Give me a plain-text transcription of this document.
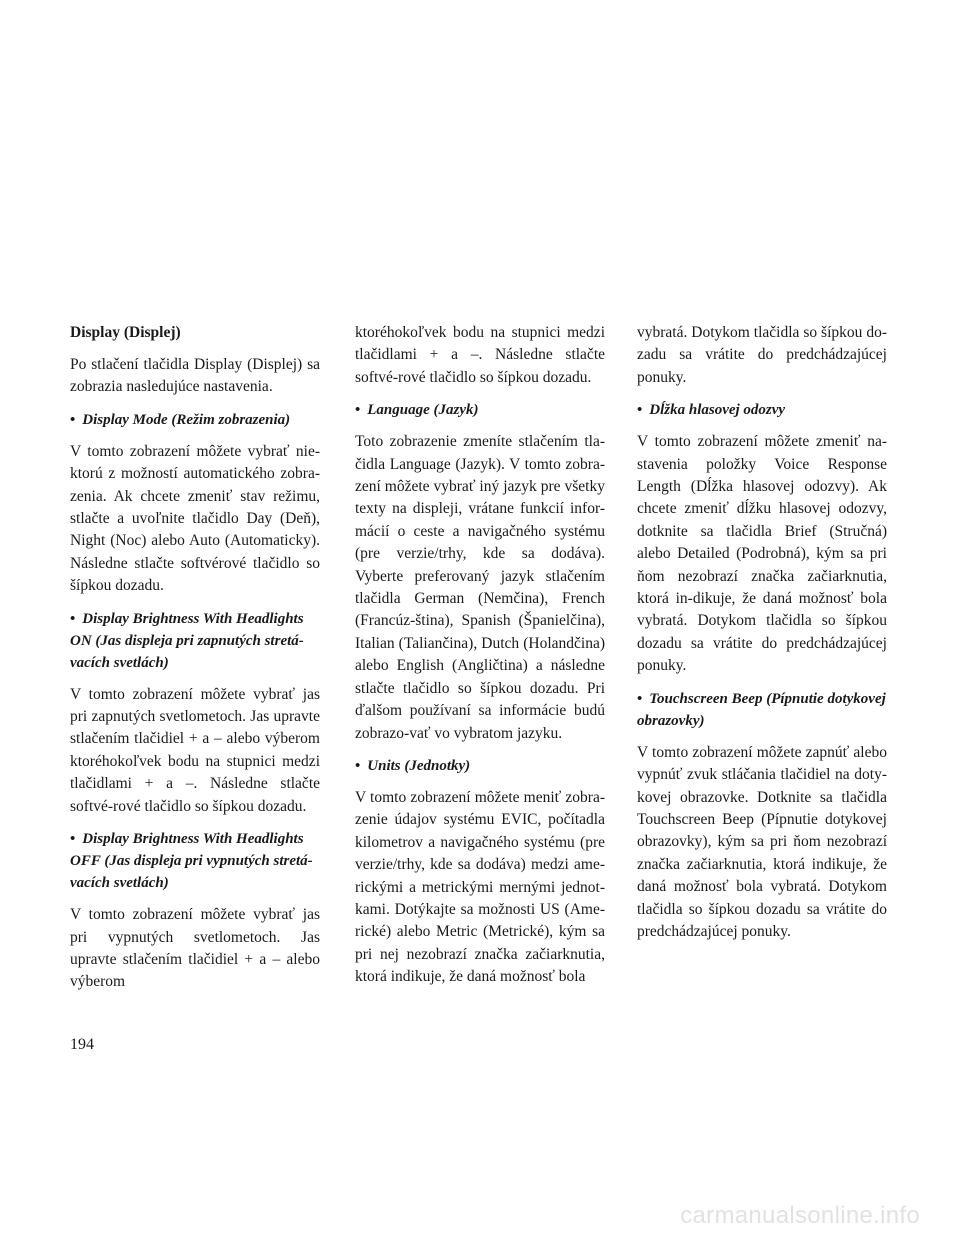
Display (Displej)

Po stlačení tlačidla Display (Displej) sa zobrazia nasledujúce nastavenia.

• Display Mode (Režim zobrazenia)

V tomto zobrazení môžete vybrať nie-ktorú z možností automatického zobra-zenia. Ak chcete zmeniť stav režimu, stlačte a uvoľnite tlačidlo Day (Deň), Night (Noc) alebo Auto (Automaticky). Následne stlačte softvérové tlačidlo so šípkou dozadu.

• Display Brightness With Headlights ON (Jas displeja pri zapnutých stretá-vacích svetlách)

V tomto zobrazení môžete vybrať jas pri zapnutých svetlometoch. Jas upravte stlačením tlačidiel + a – alebo výberom ktoréhokoľvek bodu na stupnici medzi tlačidlami + a –. Následne stlačte softvé-rové tlačidlo so šípkou dozadu.

• Display Brightness With Headlights OFF (Jas displeja pri vypnutých stretá-vacích svetlách)

V tomto zobrazení môžete vybrať jas pri vypnutých svetlometoch. Jas upravte stlačením tlačidiel + a – alebo výberom

ktoréhokoľvek bodu na stupnici medzi tlačidlami + a –. Následne stlačte softvé-rové tlačidlo so šípkou dozadu.

• Language (Jazyk)

Toto zobrazenie zmeníte stlačením tla-čidla Language (Jazyk). V tomto zobra-zení môžete vybrať iný jazyk pre všetky texty na displeji, vrátane funkcií infor-mácií o ceste a navigačného systému (pre verzie/trhy, kde sa dodáva). Vyberte preferovaný jazyk stlačením tlačidla German (Nemčina), French (Francúz-ština), Spanish (Španielčina), Italian (Taliančina), Dutch (Holandčina) alebo English (Angličtina) a následne stlačte tlačidlo so šípkou dozadu. Pri ďalšom používaní sa informácie budú zobrazo-vať vo vybratom jazyku.

• Units (Jednotky)

V tomto zobrazení môžete meniť zobra-zenie údajov systému EVIC, počítadla kilometrov a navigačného systému (pre verzie/trhy, kde sa dodáva) medzi ame-rickými a metrickými mernými jednot-kami. Dotýkajte sa možnosti US (Ame-rické) alebo Metric (Metrické), kým sa pri nej nezobrazí značka začiarknutia, ktorá indikuje, že daná možnosť bola

vybratá. Dotykom tlačidla so šípkou do-zadu sa vrátite do predchádzajúcej ponuky.

• Dĺžka hlasovej odozvy

V tomto zobrazení môžete zmeniť na-stavenia položky Voice Response Length (Dĺžka hlasovej odozvy). Ak chcete zmeniť dĺžku hlasovej odozvy, dotknite sa tlačidla Brief (Stručná) alebo Detailed (Podrobná), kým sa pri ňom nezobrazí značka začiarknutia, ktorá in-dikuje, že daná možnosť bola vybratá. Dotykom tlačidla so šípkou dozadu sa vrátite do predchádzajúcej ponuky.

• Touchscreen Beep (Pípnutie dotykovej obrazovky)

V tomto zobrazení môžete zapnúť alebo vypnúť zvuk stláčania tlačidiel na doty-kovej obrazovke. Dotknite sa tlačidla Touchscreen Beep (Pípnutie dotykovej obrazovky), kým sa pri ňom nezobrazí značka začiarknutia, ktorá indikuje, že daná možnosť bola vybratá. Dotykom tlačidla so šípkou dozadu sa vrátite do predchádzajúcej ponuky.

194
carmanualsonline.info
